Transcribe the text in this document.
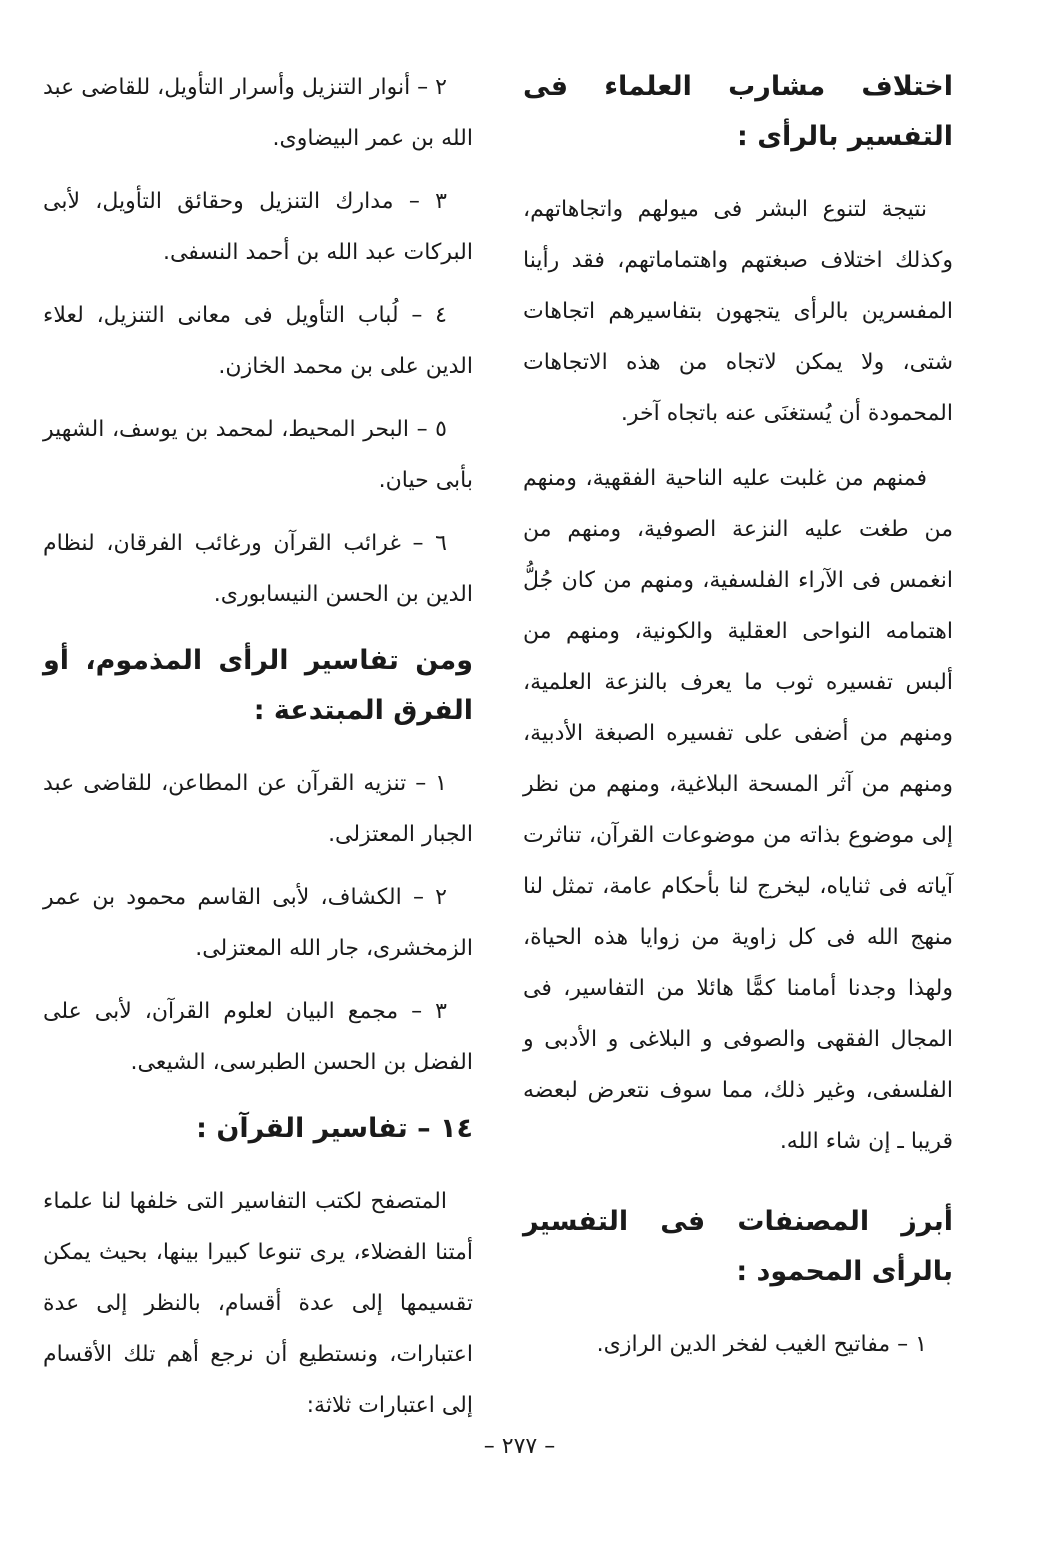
اختلاف مشارب العلماء فى التفسير بالرأى :

نتيجة لتنوع البشر فى ميولهم واتجاهاتهم، وكذلك اختلاف صبغتهم واهتماماتهم، فقد رأينا المفسرين بالرأى يتجهون بتفاسيرهم اتجاهات شتى، ولا يمكن لاتجاه من هذه الاتجاهات المحمودة أن يُستغنَى عنه باتجاه آخر.

فمنهم من غلبت عليه الناحية الفقهية، ومنهم من طغت عليه النزعة الصوفية، ومنهم من انغمس فى الآراء الفلسفية، ومنهم من كان جُلُّ اهتمامه النواحى العقلية والكونية، ومنهم من ألبس تفسيره ثوب ما يعرف بالنزعة العلمية، ومنهم من أضفى على تفسيره الصبغة الأدبية، ومنهم من آثر المسحة البلاغية، ومنهم من نظر إلى موضوع بذاته من موضوعات القرآن، تناثرت آياته فى ثناياه، ليخرج لنا بأحكام عامة، تمثل لنا منهج الله فى كل زاوية من زوايا هذه الحياة، ولهذا وجدنا أمامنا كمًّا هائلا من التفاسير، فى المجال الفقهى والصوفى و البلاغى و الأدبى و الفلسفى، وغير ذلك، مما سوف نتعرض لبعضه قريبا ـ إن شاء الله.

أبرز المصنفات فى التفسير بالرأى المحمود :

١ – مفاتيح الغيب لفخر الدين الرازى.

٢ – أنوار التنزيل وأسرار التأويل، للقاضى عبد الله بن عمر البيضاوى.

٣ – مدارك التنزيل وحقائق التأويل، لأبى البركات عبد الله بن أحمد النسفى.

٤ – لُباب التأويل فى معانى التنزيل، لعلاء الدين على بن محمد الخازن.

٥ – البحر المحيط، لمحمد بن يوسف، الشهير بأبى حيان.

٦ – غرائب القرآن ورغائب الفرقان، لنظام الدين بن الحسن النيسابورى.

ومن تفاسير الرأى المذموم، أو الفرق المبتدعة :

١ – تنزيه القرآن عن المطاعن، للقاضى عبد الجبار المعتزلى.

٢ – الكشاف، لأبى القاسم محمود بن عمر الزمخشرى، جار الله المعتزلى.

٣ – مجمع البيان لعلوم القرآن، لأبى على الفضل بن الحسن الطبرسى، الشيعى.

١٤ – تفاسير القرآن :

المتصفح لكتب التفاسير التى خلفها لنا علماء أمتنا الفضلاء، يرى تنوعا كبيرا بينها، بحيث يمكن تقسيمها إلى عدة أقسام، بالنظر إلى عدة اعتبارات، ونستطيع أن نرجع أهم تلك الأقسام إلى اعتبارات ثلاثة:

– ٢٧٧ –
